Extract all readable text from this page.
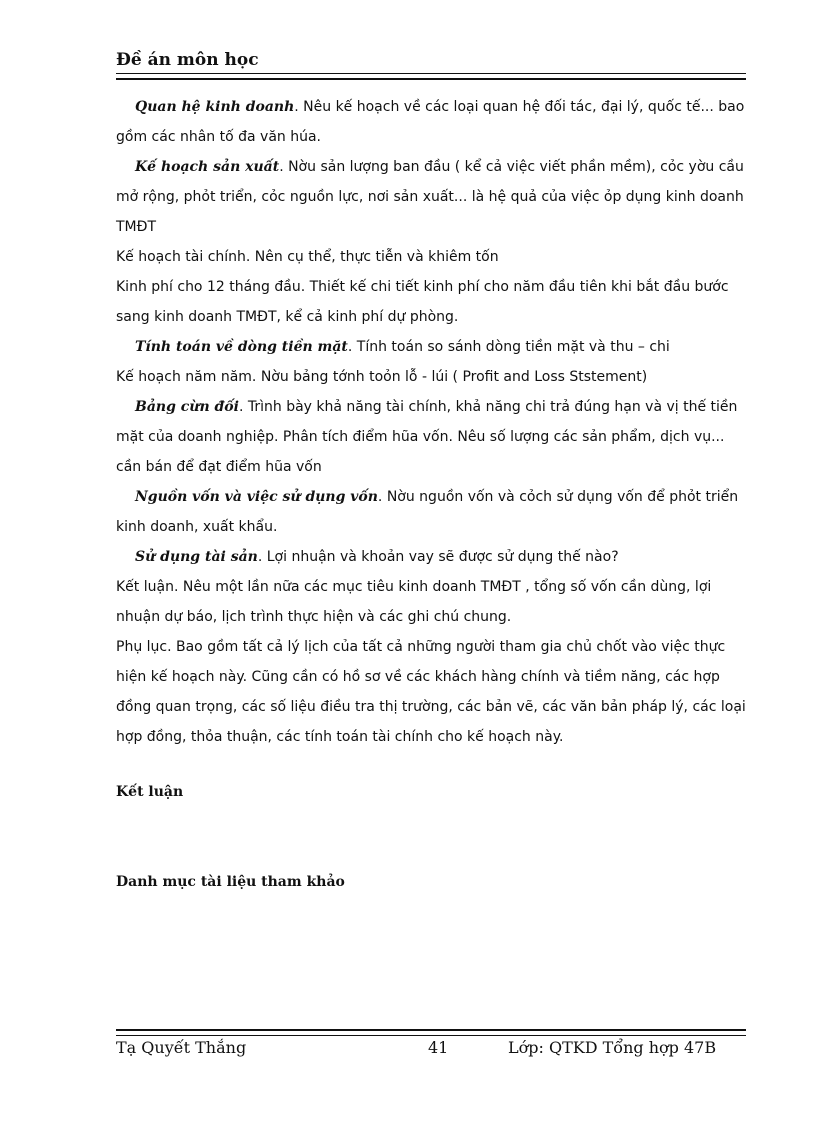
Đề án môn học

Quan hệ kinh doanh. Nêu kế hoạch về các loại quan hệ đối tác, đại lý, quốc tế... bao gồm các nhân tố đa văn húa.

Kế hoạch sản xuất. Nờu sản lượng ban đầu ( kể cả việc viết phần mềm), cỏc yờu cầu mở rộng, phỏt triển, cỏc nguồn lực, nơi sản xuất... là hệ quả của việc ỏp dụng kinh doanh TMĐT

Kế hoạch tài chính. Nên cụ thể, thực tiễn và khiêm tốn

Kinh phí cho 12 tháng đầu. Thiết kế chi tiết kinh phí cho năm đầu tiên khi bắt đầu bước sang kinh doanh TMĐT, kể cả kinh phí dự phòng.

Tính toán về dòng tiền mặt. Tính toán so sánh dòng tiền mặt và thu – chi

Kế hoạch năm năm. Nờu bảng tớnh toỏn lỗ - lúi ( Profit and Loss Ststement)

Bảng cừn đối. Trình bày khả năng tài chính, khả năng chi trả đúng hạn và vị thế tiền mặt của doanh nghiệp. Phân tích điểm hũa vốn. Nêu số lượng các sản phẩm, dịch vụ... cần bán để đạt điểm hũa vốn

Nguồn vốn và việc sử dụng vốn. Nờu nguồn vốn và cỏch sử dụng vốn để phỏt triển kinh doanh, xuất khẩu.

Sử dụng tài sản. Lợi nhuận và khoản vay sẽ được sử dụng thế nào?

Kết luận. Nêu một lần nữa các mục tiêu kinh doanh TMĐT , tổng số vốn cần dùng, lợi nhuận dự báo, lịch trình thực hiện và các ghi chú chung.

Phụ lục. Bao gồm tất cả lý lịch của tất cả những người tham gia chủ chốt vào việc thực hiện kế hoạch này. Cũng cần có hồ sơ về các khách hàng chính và tiềm năng, các hợp đồng quan trọng, các số liệu điều tra thị trường, các bản vẽ, các văn bản pháp lý, các loại hợp đồng, thỏa thuận, các tính toán tài chính cho kế hoạch này.

Kết luận
Danh mục tài liệu tham khảo
Tạ Quyết Thắng	41	Lớp: QTKD Tổng hợp 47B
